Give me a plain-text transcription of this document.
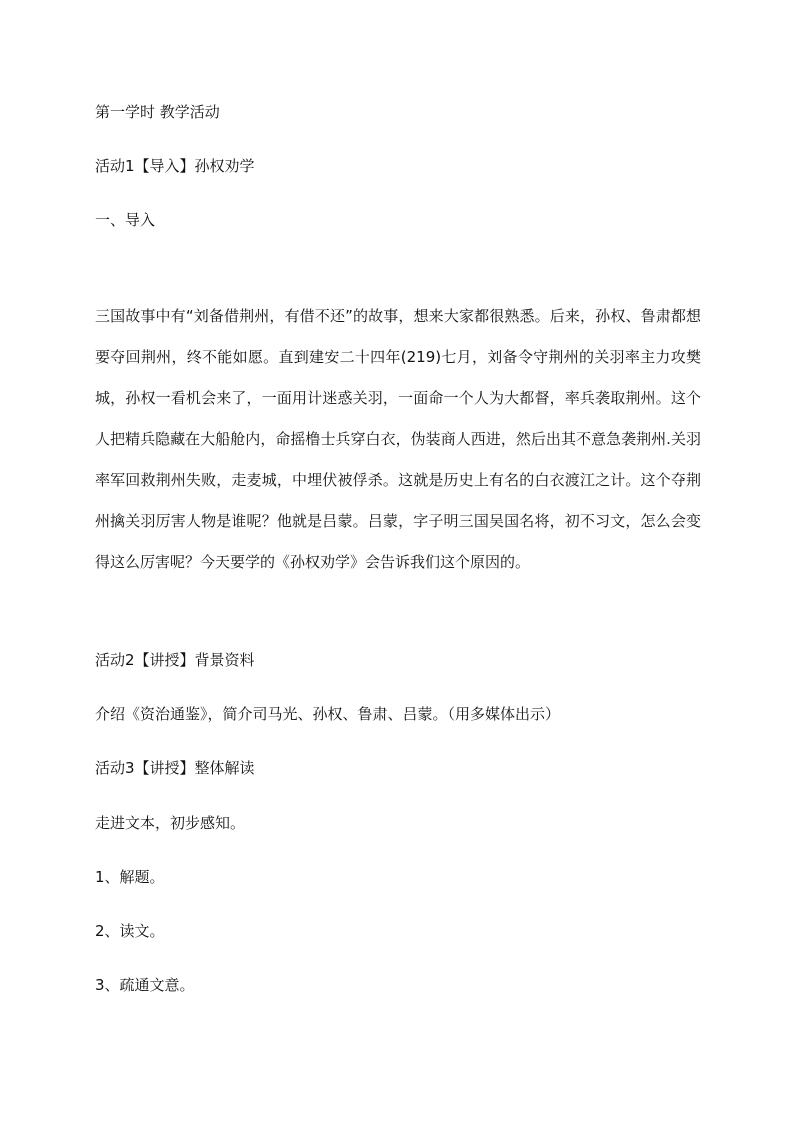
第一学时 教学活动
活动1【导入】孙权劝学
一、导入
三国故事中有“刘备借荆州，有借不还”的故事，想来大家都很熟悉。后来，孙权、鲁肃都想要夺回荆州，终不能如愿。直到建安二十四年(219)七月，刘备令守荆州的关羽率主力攻樊城，孙权一看机会来了，一面用计迷惑关羽，一面命一个人为大都督，率兵袭取荆州。这个人把精兵隐藏在大船舱内，命摇橹士兵穿白衣，伪装商人西进，然后出其不意急袭荆州.关羽率军回救荆州失败，走麦城，中埋伏被俘杀。这就是历史上有名的白衣渡江之计。这个夺荆州擒关羽厉害人物是谁呢？他就是吕蒙。吕蒙，字子明三国吴国名将，初不习文，怎么会变得这么厉害呢？今天要学的《孙权劝学》会告诉我们这个原因的。
活动2【讲授】背景资料
介绍《资治通鉴》，简介司马光、孙权、鲁肃、吕蒙。（用多媒体出示）
活动3【讲授】整体解读
走进文本，初步感知。
1、解题。
2、读文。
3、疏通文意。
